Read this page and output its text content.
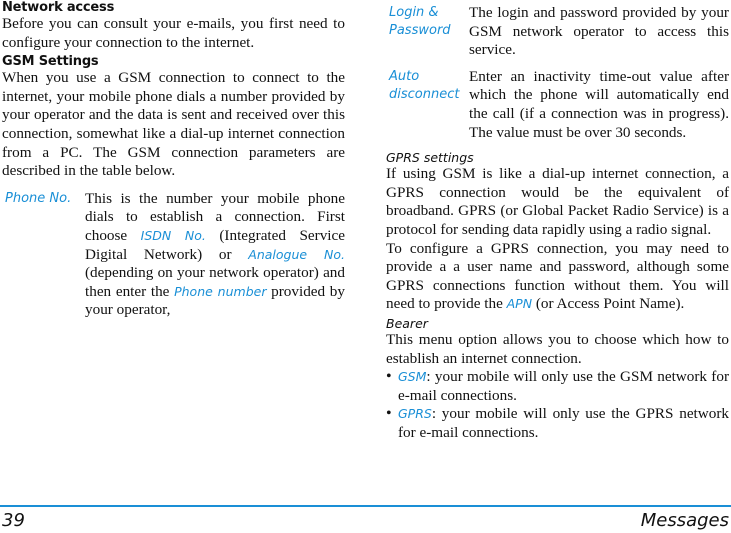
Network access

Before you can consult your e-mails, you first need to configure your connection to the internet.

GSM Settings

When you use a GSM connection to connect to the internet, your mobile phone dials a number provided by your operator and the data is sent and received over this connection, somewhat like a dial-up internet connection from a PC. The GSM connection parameters are described in the table below.

Phone No.	This is the number your mobile phone dials to establish a connection. First choose ISDN No. (Integrated Service Digital Network) or Analogue No. (depending on your network operator) and then enter the Phone number provided by your operator,
Login & Password	The login and password provided by your GSM network operator to access this service.
Auto disconnect	Enter an inactivity time-out value after which the phone will automatically end the call (if a connection was in progress). The value must be over 30 seconds.
GPRS settings

If using GSM is like a dial-up internet connection, a GPRS connection would be the equivalent of broadband. GPRS (or Global Packet Radio Service) is a protocol for sending data rapidly using a radio signal.

To configure a GPRS connection, you may need to provide a a user name and password, although some GPRS connections function without them. You will need to provide the APN (or Access Point Name).

Bearer

This menu option allows you to choose which how to establish an internet connection.

• GSM: your mobile will only use the GSM network for e-mail connections.
• GPRS: your mobile will only use the GPRS network for e-mail connections.
39	Messages
